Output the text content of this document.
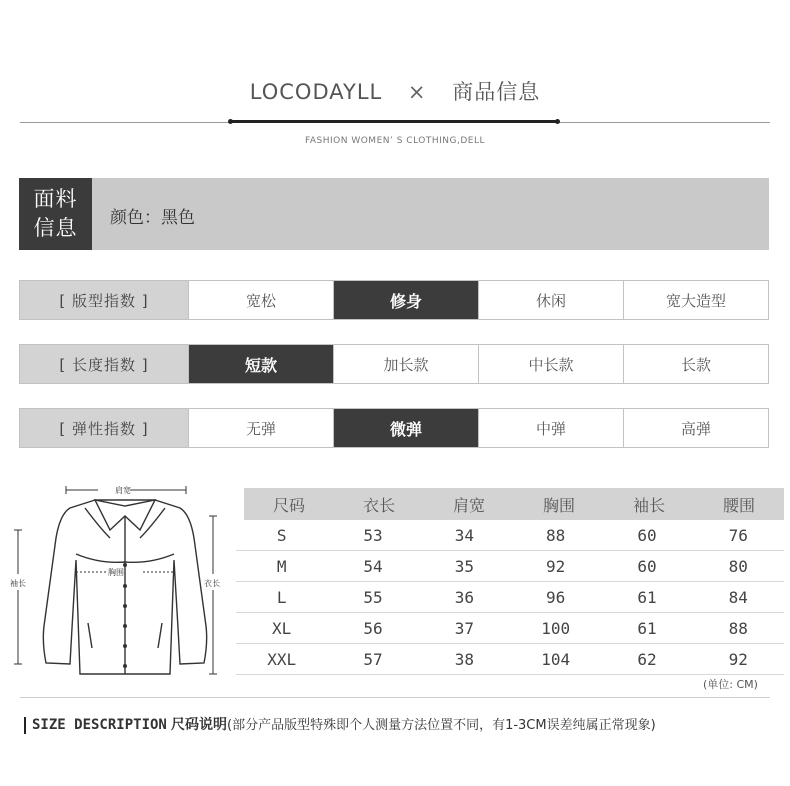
LOCODAYLL × 商品信息
FASHION WOMEN’ S CLOTHING,DELL
面料
信息	颜色：黑色
[ 版型指数 ]	宽松	修身	休闲	宽大造型
[ 长度指数 ]	短款	加长款	中长款	长款
[ 弹性指数 ]	无弹	微弹	中弹	高弹
肩宽
胸围
袖长	衣长
尺码	衣长	肩宽	胸围	袖长	腰围
S	53	34	88	60	76
M	54	35	92	60	80
L	55	36	96	61	84
XL	56	37	100	61	88
XXL	57	38	104	62	92
(单位: CM)
SIZE DESCRIPTION 尺码说明(部分产品版型特殊即个人测量方法位置不同，有1-3CM误差纯属正常现象)
